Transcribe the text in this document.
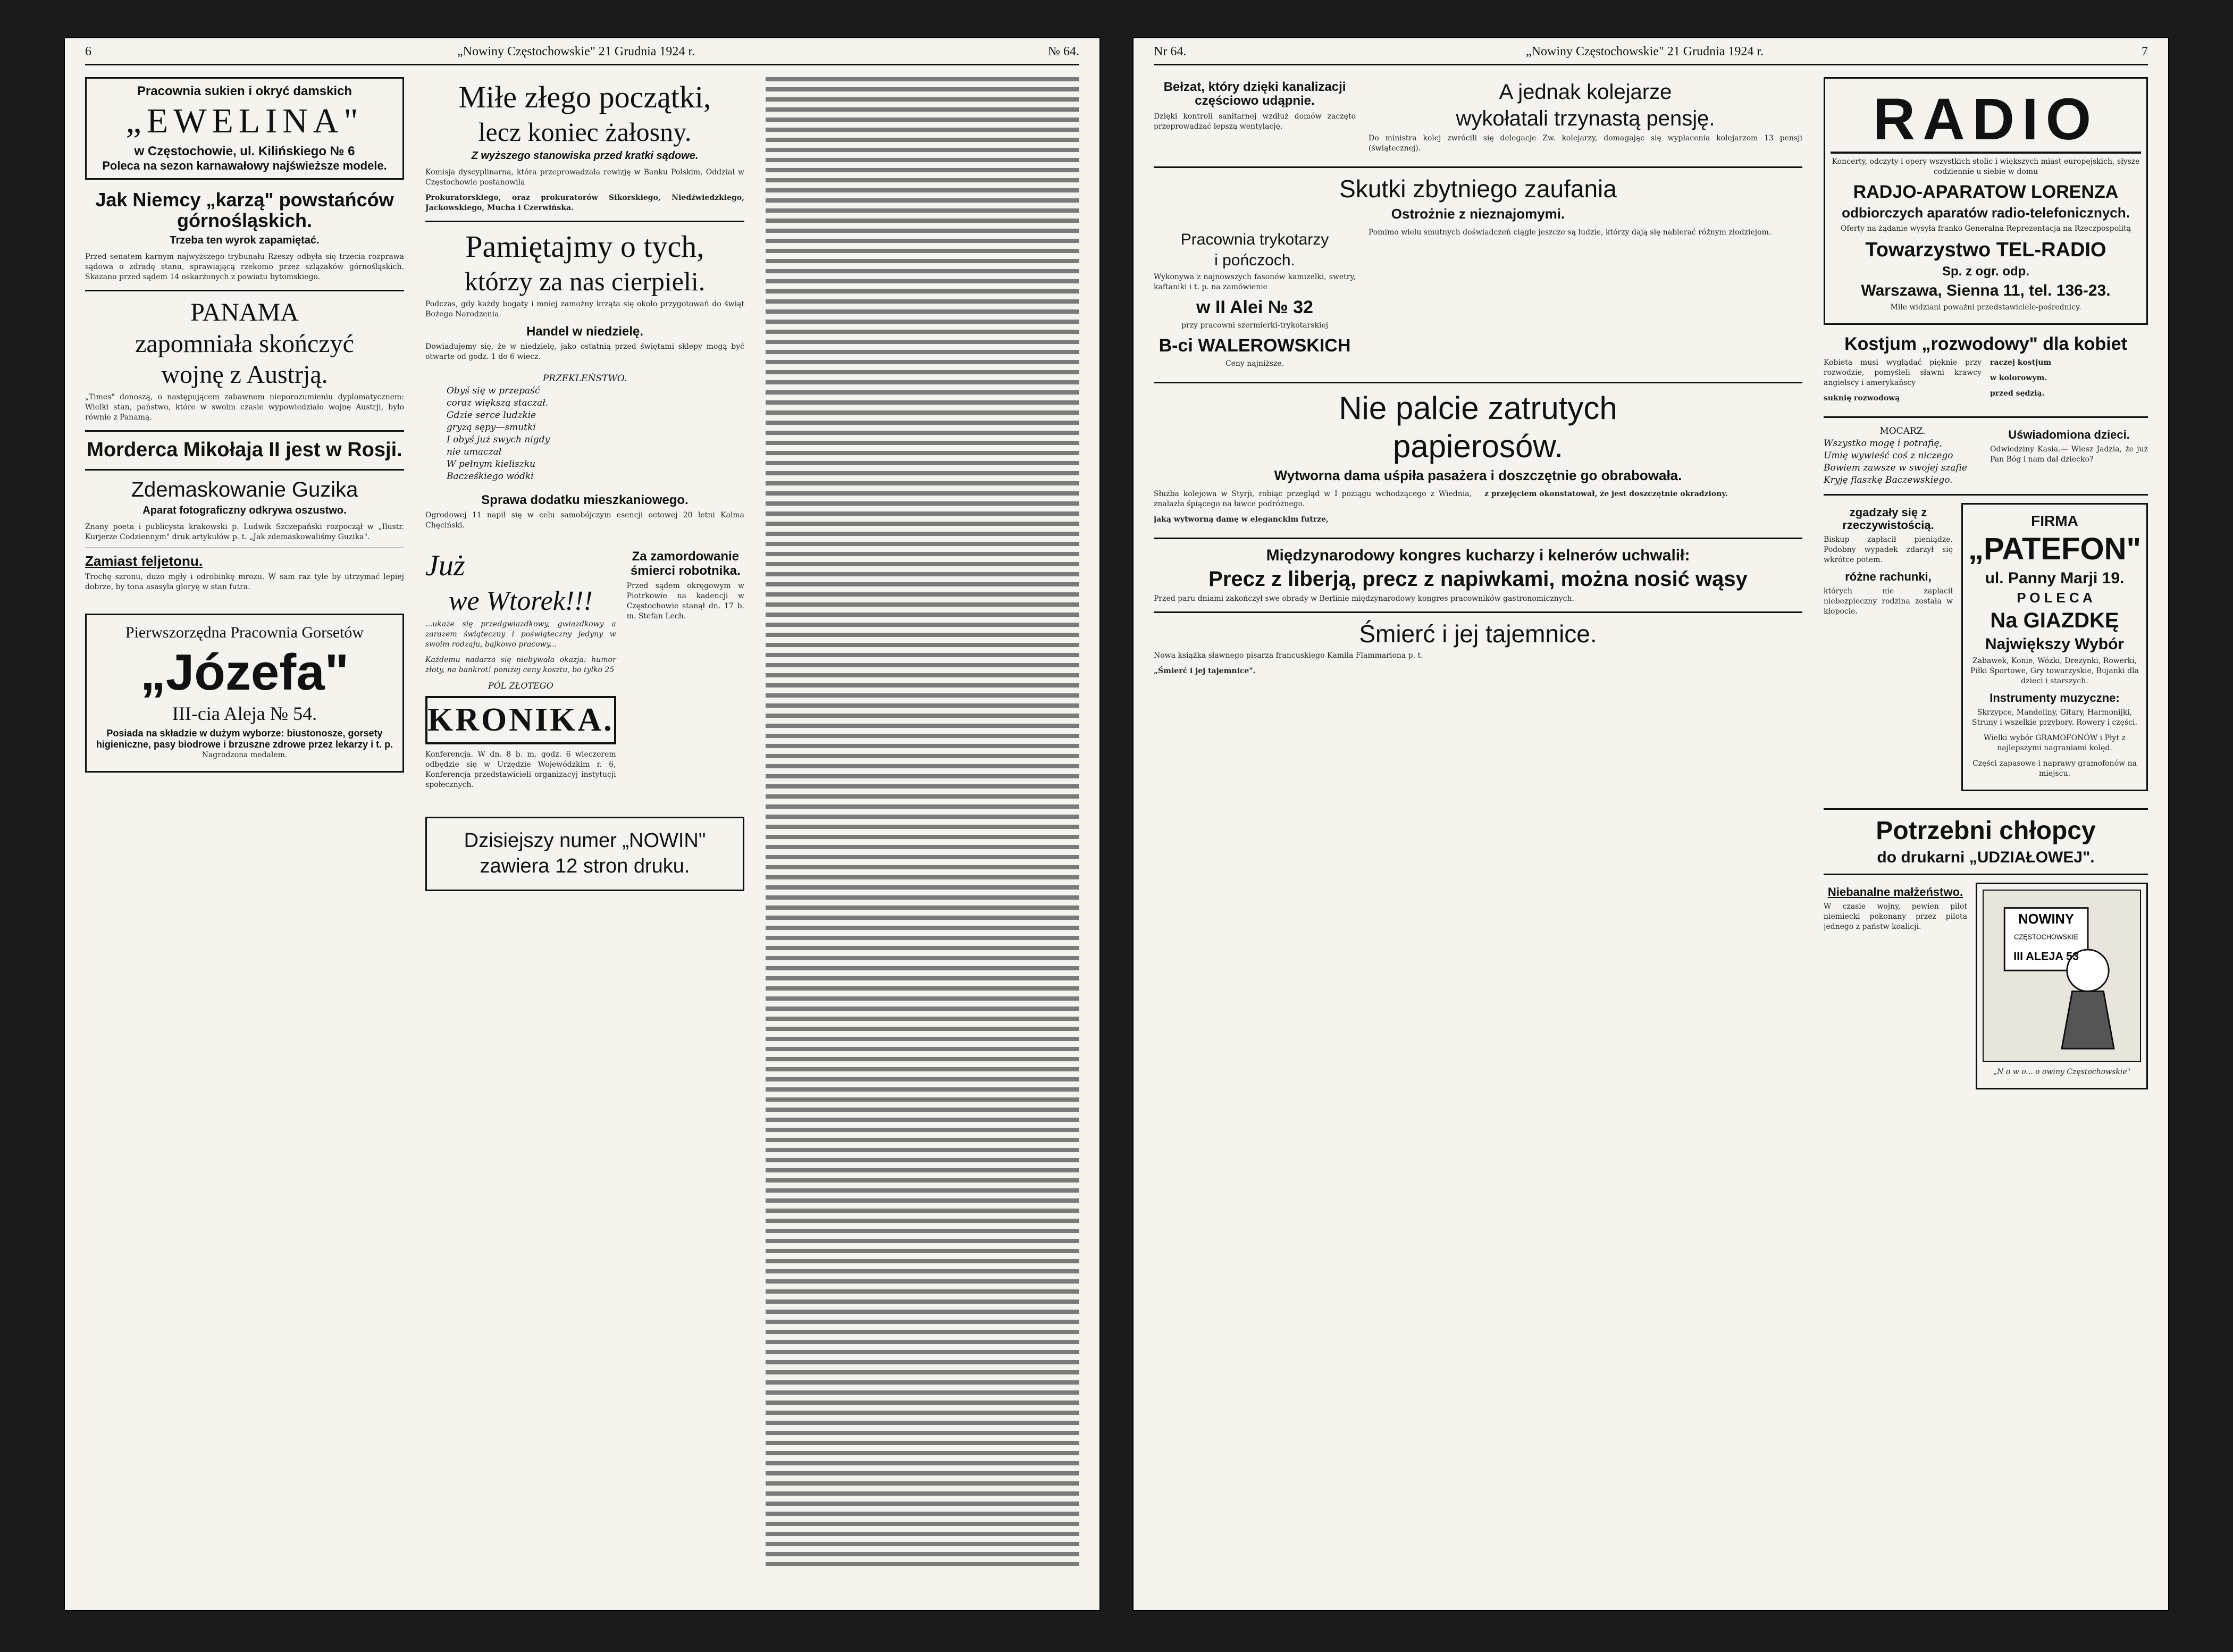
6	„Nowiny Częstochowskie" 21 Grudnia 1924 r.	№ 64.
Pracownia sukien i okryć damskich
„EWELINA"
w Częstochowie, ul. Kilińskiego № 6
Poleca na sezon karnawałowy najświeższe modele.
Jak Niemcy „karzą" powstańców górnośląskich.
Trzeba ten wyrok zapamiętać.

Przed senatem karnym najwyższego trybunału Rzeszy odbyła się trzecia rozprawa sądowa o zdradę stanu, sprawiającą rzekomo przez szlązaków górnośląskich. Skazano przed sądem 14 oskarżonych z powiatu bytomskiego.

PANAMA
zapomniała skończyć
wojnę z Austrją.

„Times" donoszą, o następującem zabawnem nieporozumieniu dyplomatycznem: Wielki stan, państwo, które w swoim czasie wypowiedziało wojnę Austrji, było równie z Panamą.

Morderca Mikołaja II jest w Rosji.
Zdemaskowanie Guzika
Aparat fotograficzny odkrywa oszustwo.

Znany poeta i publicysta krakowski p. Ludwik Szczepański rozpoczął w „Ilustr. Kurjerze Codziennym" druk artykułów p. t. „Jak zdemaskowaliśmy Guzika".

Zamiast feljetonu.

Trochę szronu, dużo mgły i odrobinkę mrozu. W sam raz tyle by utrzymać lepiej dobrze, by tona asasyla gloryę w stan futra.

Pierwszorzędna Pracownia Gorsetów
„Józefa"
III-cia Aleja № 54.
Posiada na składzie w dużym wyborze: biustonosze, gorsety higieniczne, pasy biodrowe i brzuszne zdrowe przez lekarzy i t. p.
Nagrodzona medalem.
Miłe złego początki,
lecz koniec żałosny.
Z wyższego stanowiska przed kratki sądowe.

Komisja dyscyplinarna, która przeprowadzała rewizję w Banku Polskim, Oddział w Częstochowie postanowiła

Prokuratorskiego, oraz prokuratorów Sikorskiego, Niedźwiedzkiego, Jackowskiego, Mucha i Czerwińska.

Pamiętajmy o tych,
którzy za nas cierpieli.

Podczas, gdy każdy bogaty i mniej zamożny krząta się około przygotowań do świąt Bożego Narodzenia.

Handel w niedzielę.

Dowiadujemy się, że w niedzielę, jako ostatnią przed świętami sklepy mogą być otwarte od godz. 1 do 6 wiecz.

PRZEKLEŃSTWO.
Obyś się w przepaść
coraz większą staczał.
Gdzie serce ludzkie
gryzą sępy—smutki
I obyś już swych nigdy
nie umaczał
W pełnym kieliszku
Bacześkiego wódki
Sprawa dodatku mieszkaniowego.

Ogrodowej 11 napił się w celu samobójczym esencji octowej 20 letni Kalma Chęciński.

Już
we Wtorek!!!

...ukaże się przedgwiazdkowy, gwiazdkowy a zarazem świąteczny i poświąteczny jedyny w swoim rodzaju, bajkowo pracowy...

Każdemu nadarza się niebywała okazja: humor złoty, na bankrot! poniżej ceny kosztu, bo tylko 25

PÓL ZŁOTEGO
KRONIKA.

Konferencja. W dn. 8 b. m. godz. 6 wieczorem odbędzie się w Urzędzie Wojewódzkim r. 6, Konferencja przedstawicieli organizacyj instytucji społecznych.

Za zamordowanie śmierci robotnika.

Przed sądem okręgowym w Piotrkowie na kadencji w Częstochowie stanął dn. 17 b. m. Stefan Lech.

Dzisiejszy numer „NOWIN"
zawiera 12 stron druku.

Nr 64.	„Nowiny Częstochowskie" 21 Grudnia 1924 r.	7
Bełzat, który dzięki kanalizacji częściowo udąpnie.

Dzięki kontroli sanitarnej wzdłuż domów zaczęto przeprowadzać lepszą wentylację.

A jednak kolejarze
wykołatali trzynastą pensję.

Do ministra kolej zwrócili się delegacje Zw. kolejarzy, domagając się wypłacenia kolejarzom 13 pensji (świątecznej).

Skutki zbytniego zaufania
Ostrożnie z nieznajomymi.
Pracownia trykotarzy
i pończoch.

Wykonywa z najnowszych fasonów kamizelki, swetry, kaftaniki i t. p. na zamówienie

w II Alei № 32

przy pracowni szermierki-trykotarskiej

B-ci WALEROWSKICH
Ceny najniższe.

Pomimo wielu smutnych doświadczeń ciągle jeszcze są ludzie, którzy dają się nabierać różnym złodziejom.

Nie palcie zatrutych
papierosów.
Wytworna dama uśpiła pasażera i doszczętnie go obrabowała.

Służba kolejowa w Styrji, robiąc przegląd w I poziągu wchodzącego z Wiednia, znalazła śpiącego na ławce podróżnego.

jaką wytworną damę w eleganckim futrze,

z przejęciem okonstatował, że jest doszczętnie okradziony.

Międzynarodowy kongres kucharzy i kelnerów uchwalił:
Precz z liberją, precz z napiwkami, można nosić wąsy

Przed paru dniami zakończył swe obrady w Berlinie międzynarodowy kongres pracowników gastronomicznych.

Śmierć i jej tajemnice.

Nowa książka sławnego pisarza francuskiego Kamila Flammariona p. t.

„Śmierć i jej tajemnice".

RADIO

Koncerty, odczyty i opery wszystkich stolic i większych miast europejskich, słysze codziennie u siebie w domu

RADJO-APARATOW LORENZA
odbiorczych aparatów radio-telefonicznych.

Oferty na żądanie wysyła franko Generalna Reprezentacja na Rzeczpospolitą

Towarzystwo TEL-RADIO
Sp. z ogr. odp.
Warszawa, Sienna 11, tel. 136-23.
Mile widziani poważni przedstawiciele-pośrednicy.
Kostjum „rozwodowy" dla kobiet

Kobieta musi wyglądać pięknie przy rozwodzie, pomyśleli sławni krawcy angielscy i amerykańscy

suknię rozwodową

raczej kostjum

w kolorowym.

przed sędzią.

MOCARZ.
Wszystko mogę i potrafię,
Umię wywieść coś z niczego
Bowiem zawsze w swojej szafie
Kryję flaszkę Baczewskiego.
Uświadomiona dzieci.

Odwiedziny Kasia.— Wiesz Jadzia, że już Pan Bóg i nam dał dziecko?

zgadzały się z rzeczywistością.

Biskup zapłacił pieniądze. Podobny wypadek zdarzył się wkrótce potem.

różne rachunki,

których nie zapłacił niebezpieczny rodzina została w kłopocie.

FIRMA
„PATEFON"
ul. Panny Marji 19.
P O L E C A
Na GIAZDKĘ
Największy Wybór

Zabawek, Konie, Wózki, Drezynki, Rowerki, Piłki Sportowe, Gry towarzyskie, Bujanki dla dzieci i starszych.

Instrumenty muzyczne:

Skrzypce, Mandoliny, Gitary, Harmonijki, Struny i wszelkie przybory. Rowery i części.

Wielki wybór GRAMOFONÓW i Płyt z najlepszymi nagraniami kolęd.

Części zapasowe i naprawy gramofonów na miejscu.

Potrzebni chłopcy
do drukarni „UDZIAŁOWEJ".
Niebanalne małżeństwo.

W czasie wojny, pewien pilot niemiecki pokonany przez pilota jednego z państw koalicji.

NOWINY
CZĘSTOCHOWSKIE
III ALEJA 53
„N o w o... o owiny Częstochowskie"
